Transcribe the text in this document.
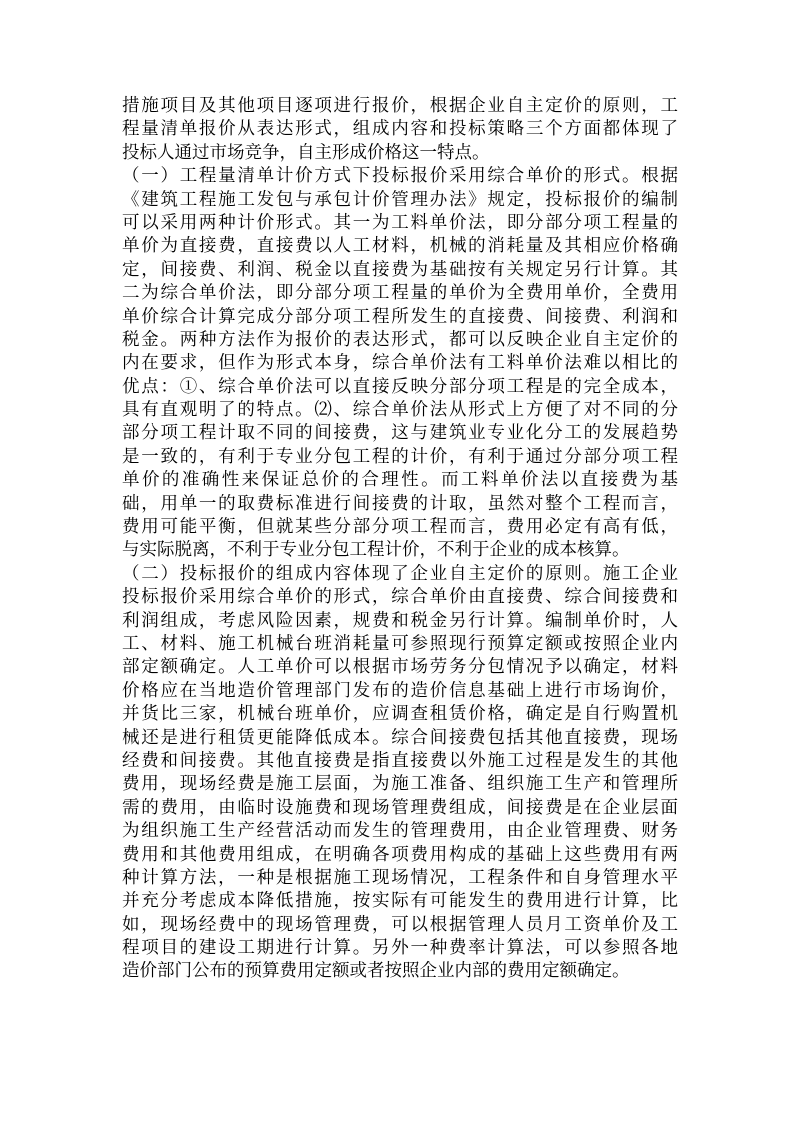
措施项目及其他项目逐项进行报价，根据企业自主定价的原则，工
程量清单报价从表达形式，组成内容和投标策略三个方面都体现了
投标人通过市场竞争，自主形成价格这一特点。
（一）工程量清单计价方式下投标报价采用综合单价的形式。根据
《建筑工程施工发包与承包计价管理办法》规定，投标报价的编制
可以采用两种计价形式。其一为工料单价法，即分部分项工程量的
单价为直接费，直接费以人工材料，机械的消耗量及其相应价格确
定，间接费、利润、税金以直接费为基础按有关规定另行计算。其
二为综合单价法，即分部分项工程量的单价为全费用单价，全费用
单价综合计算完成分部分项工程所发生的直接费、间接费、利润和
税金。两种方法作为报价的表达形式，都可以反映企业自主定价的
内在要求，但作为形式本身，综合单价法有工料单价法难以相比的
优点：①、综合单价法可以直接反映分部分项工程是的完全成本，
具有直观明了的特点。⑵、综合单价法从形式上方便了对不同的分
部分项工程计取不同的间接费，这与建筑业专业化分工的发展趋势
是一致的，有利于专业分包工程的计价，有利于通过分部分项工程
单价的准确性来保证总价的合理性。而工料单价法以直接费为基
础，用单一的取费标准进行间接费的计取，虽然对整个工程而言，
费用可能平衡，但就某些分部分项工程而言，费用必定有高有低，
与实际脱离，不利于专业分包工程计价，不利于企业的成本核算。
（二）投标报价的组成内容体现了企业自主定价的原则。施工企业
投标报价采用综合单价的形式，综合单价由直接费、综合间接费和
利润组成，考虑风险因素，规费和税金另行计算。编制单价时，人
工、材料、施工机械台班消耗量可参照现行预算定额或按照企业内
部定额确定。人工单价可以根据市场劳务分包情况予以确定，材料
价格应在当地造价管理部门发布的造价信息基础上进行市场询价，
并货比三家，机械台班单价，应调查租赁价格，确定是自行购置机
械还是进行租赁更能降低成本。综合间接费包括其他直接费，现场
经费和间接费。其他直接费是指直接费以外施工过程是发生的其他
费用，现场经费是施工层面，为施工准备、组织施工生产和管理所
需的费用，由临时设施费和现场管理费组成，间接费是在企业层面
为组织施工生产经营活动而发生的管理费用，由企业管理费、财务
费用和其他费用组成，在明确各项费用构成的基础上这些费用有两
种计算方法，一种是根据施工现场情况，工程条件和自身管理水平
并充分考虑成本降低措施，按实际有可能发生的费用进行计算，比
如，现场经费中的现场管理费，可以根据管理人员月工资单价及工
程项目的建设工期进行计算。另外一种费率计算法，可以参照各地
造价部门公布的预算费用定额或者按照企业内部的费用定额确定。
